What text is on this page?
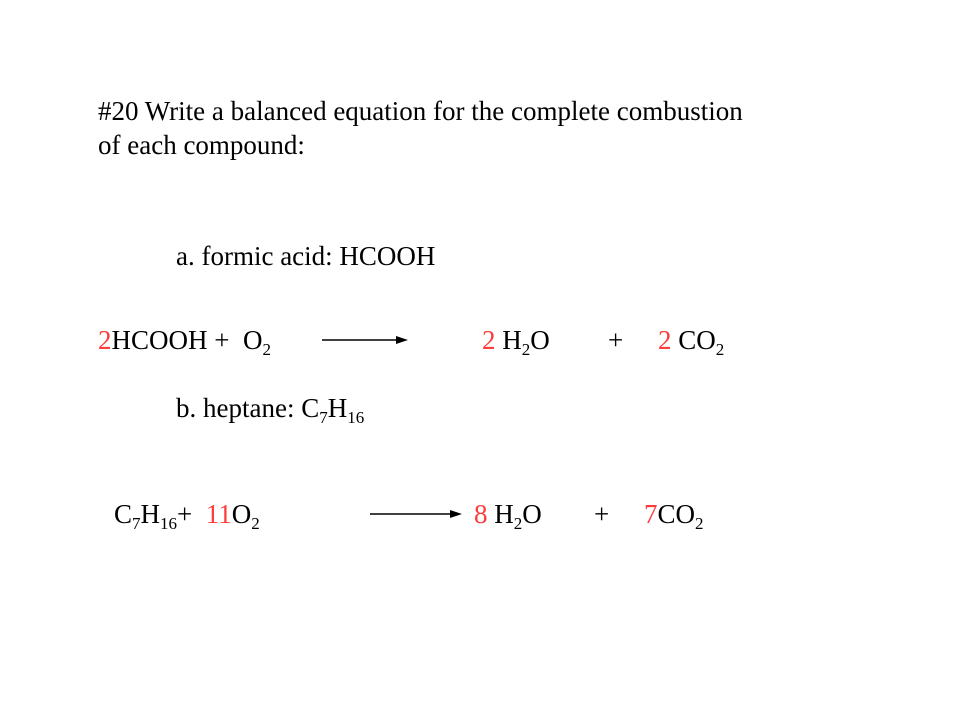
#20 Write a balanced equation for the complete combustion
of each compound:
a. formic acid: HCOOH
2HCOOH + $O_2$	2 $H_2O + 2$ $CO_2$
b. heptane: $C_7H_{16}$
$C_7H_{16}+ 11O_2$	8 $H_2O + 7CO_2$
